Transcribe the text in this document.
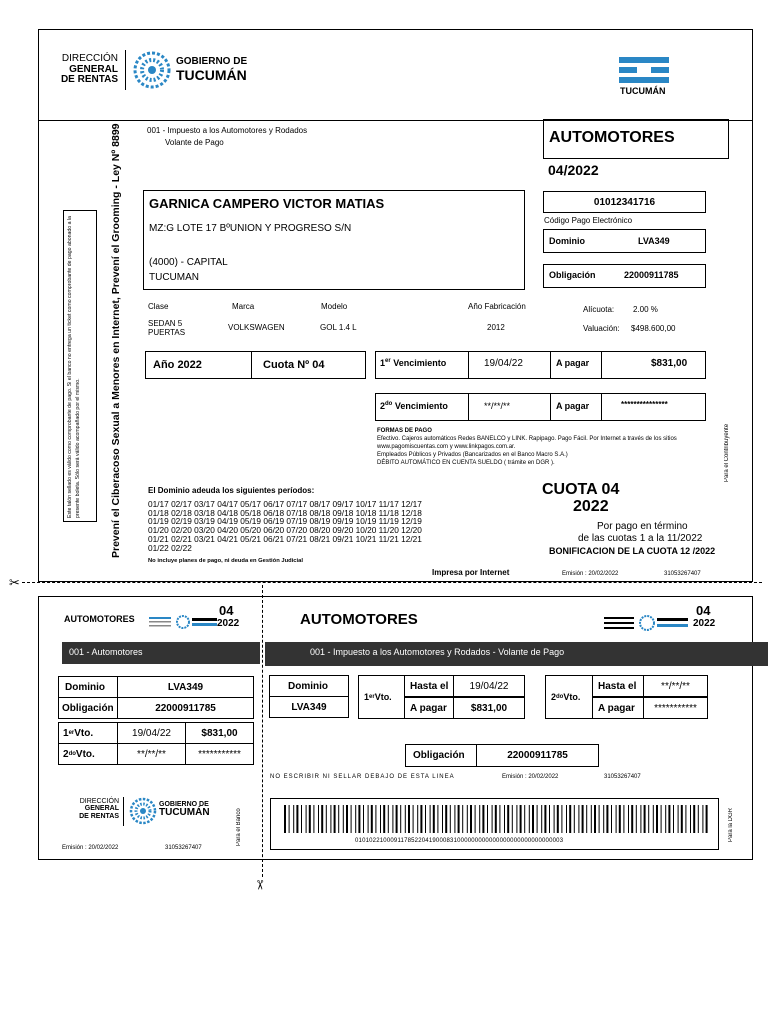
DIRECCIÓN
GENERAL
DE RENTAS
GOBIERNO DE
TUCUMÁN
TUCUMÁN
Prevení el Ciberacoso Sexual a Menores en Internet, Prevení el Grooming - Ley Nº 8899
Este talón sellado es válido como comprobante de pago. Si el banco no entrega un ticket como comprobante de pago abonado a la presente boleta. Sólo será válido acompañado por el mismo.
001 - Impuesto a los Automotores y Rodados
Volante de Pago	AUTOMOTORES
04/2022
GARNICA CAMPERO VICTOR MATIAS
MZ:G LOTE 17 BºUNION Y PROGRESO S/N
(4000) - CAPITAL
TUCUMAN
01012341716
Código Pago Electrónico
Dominio	LVA349
Obligación	22000911785
Clase
SEDAN 5 PUERTAS
Marca
VOLKSWAGEN
Modelo
GOL 1.4 L
Año Fabricación
2012
Alícuota: 2.00 %
Valuación: $498.600,00
Año 2022	Cuota Nº 04	1er Vencimiento	19/04/22	A pagar	$831,00
$2^{do}$ Vencimiento	**/**/**	A pagar	***************
FORMAS DE PAGO
Efectivo. Cajeros automáticos Redes BANELCO y LINK. Rapipago. Pago Fácil. Por Internet a través de los sitios
www.pagomiscuentas.com y www.linkpagos.com.ar.
Empleados Públicos y Privados (Bancarizados en el Banco Macro S.A.)
DÉBITO AUTOMÁTICO EN CUENTA SUELDO ( trámite en DGR ).	Para el Contribuyente
El Dominio adeuda los siguientes períodos:
01/17 02/17 03/17 04/17 05/17 06/17 07/17 08/17 09/17 10/17 11/17 12/17
01/18 02/18 03/18 04/18 05/18 06/18 07/18 08/18 09/18 10/18 11/18 12/18
01/19 02/19 03/19 04/19 05/19 06/19 07/19 08/19 09/19 10/19 11/19 12/19
01/20 02/20 03/20 04/20 05/20 06/20 07/20 08/20 09/20 10/20 11/20 12/20
01/21 02/21 03/21 04/21 05/21 06/21 07/21 08/21 09/21 10/21 11/21 12/21
01/22 02/22
No incluye planes de pago, ni deuda en Gestión Judicial
CUOTA 04
2022
Por pago en término
de las cuotas 1 a la 11/2022
BONIFICACION DE LA CUOTA 12 /2022
Impresa por Internet	Emisión : 20/02/2022	31053267407
✂
✂
AUTOMOTORES
04
2022	AUTOMOTORES
04
2022
001 - Automotores	001 - Impuesto a los Automotores y Rodados - Volante de Pago
Dominio	LVA349
Obligación	22000911785
1 er Vto.	19/04/22	$831,00
2 do Vto.	**/**/**	***********
Dominio
LVA349
1 er Vto.
Hasta el	19/04/22
A pagar	$831,00
2 do Vto.
Hasta el	**/**/**
A pagar	***********
Obligación	22000911785
NO ESCRIBIR NI SELLAR DEBAJO DE ESTA LINEA	Emisión : 20/02/2022	31053267407
DIRECCIÓN
GENERAL
DE RENTAS
GOBIERNO DE
TUCUMÁN
Emisión : 20/02/2022	31053267407
Para el Banco	Para la DGR
01010221000911785220419000831000000000000000000000000000003
